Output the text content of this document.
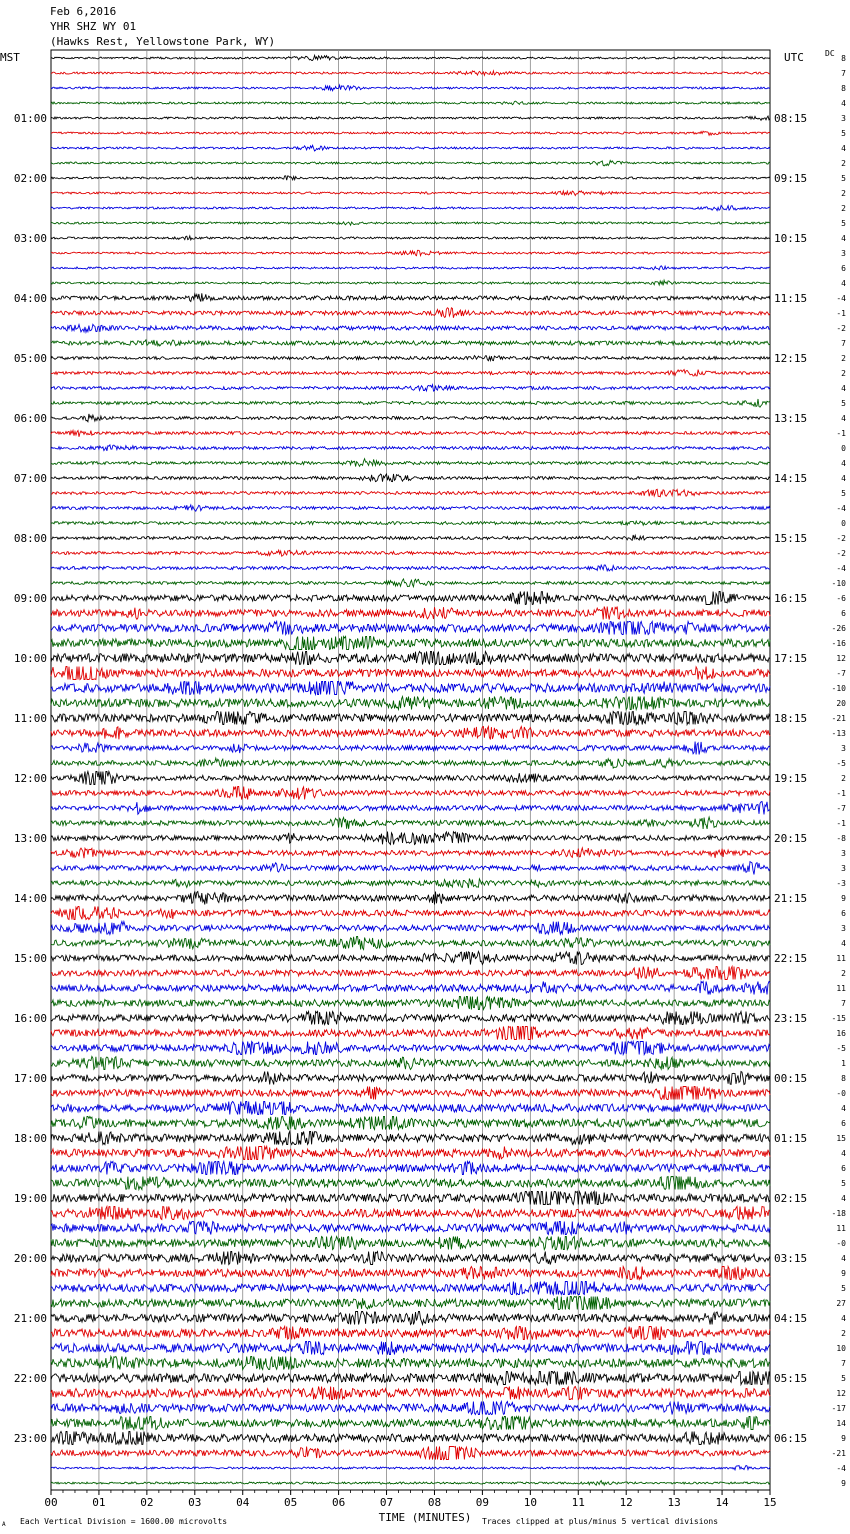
Feb 6,2016
YHR SHZ WY 01
(Hawks Rest, Yellowstone Park, WY)
00	01	02	03	04	05	06	07	08	09	10	11	12	13	14	15
8
7
8
4
3
5
4
2
5
2
2
5
4
3
6
4
-4
-1
-2
7
2
2
4
5
4
-1
0
4
4
5
-4
0
-2
-2
-4
-10
-6
6
-26
-16
12
-7
-10
20
-21
-13
3
-5
2
-1
-7
-1
-8
3
3
-3
9
6
3
4
11
2
11
7
-15
16
-5
1
8
-0
4
6
15
4
6
5
4
-18
11
-0
4
9
5
27
4
2
10
7
5
12
-17
14
9
-21
-4
9
MST	UTC	DC
01:00	08:15
02:00	09:15
03:00	10:15
04:00	11:15
05:00	12:15
06:00	13:15
07:00	14:15
08:00	15:15
09:00	16:15
10:00	17:15
11:00	18:15
12:00	19:15
13:00	20:15
14:00	21:15
15:00	22:15
16:00	23:15
17:00	00:15
18:00	01:15
19:00	02:15
20:00	03:15
21:00	04:15
22:00	05:15
23:00	06:15
TIME (MINUTES)
Each Vertical Division = 1600.00 microvolts	Traces clipped at plus/minus 5 vertical divisions
A
